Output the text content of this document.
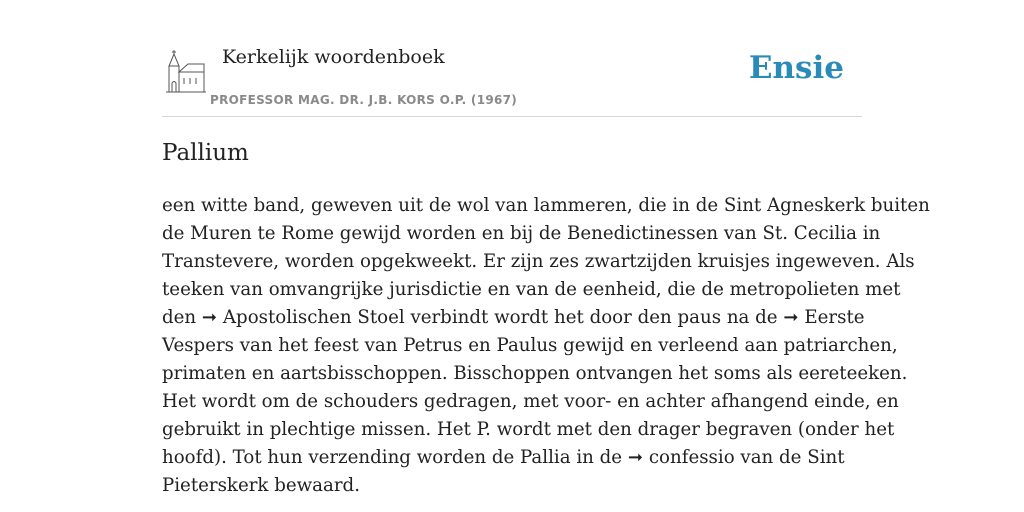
Kerkelijk woordenboek
PROFESSOR MAG. DR. J.B. KORS O.P. (1967)
Ensie
Pallium
een witte band, geweven uit de wol van lammeren, die in de Sint Agneskerk buiten
de Muren te Rome gewijd worden en bij de Benedictinessen van St. Cecilia in
Transtevere, worden opgekweekt. Er zijn zes zwartzijden kruisjes ingeweven. Als
teeken van omvangrijke jurisdictie en van de eenheid, die de metropolieten met
den ➞ Apostolischen Stoel verbindt wordt het door den paus na de ➞ Eerste
Vespers van het feest van Petrus en Paulus gewijd en verleend aan patriarchen,
primaten en aartsbisschoppen. Bisschoppen ontvangen het soms als eereteeken.
Het wordt om de schouders gedragen, met voor- en achter afhangend einde, en
gebruikt in plechtige missen. Het P. wordt met den drager begraven (onder het
hoofd). Tot hun verzending worden de Pallia in de ➞ confessio van de Sint
Pieterskerk bewaard.
